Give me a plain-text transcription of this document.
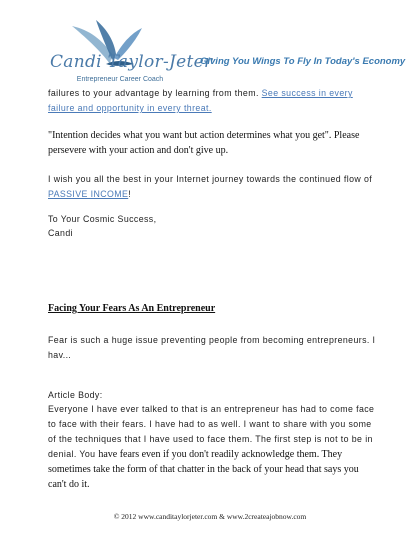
Candi Taylor-Jeter
Entrepreneur Career Coach
Giving You Wings To Fly In Today's Economy
failures to your advantage by learning from them. See success in every failure and opportunity in every threat.
"Intention decides what you want but action determines what you get". Please persevere with your action and don't give up.
I wish you all the best in your Internet journey towards the continued flow of PASSIVE INCOME!
To Your Cosmic Success,
Candi
Facing Your Fears As An Entrepreneur
Fear is such a huge issue preventing people from becoming entrepreneurs. I hav...
Article Body:
Everyone I have ever talked to that is an entrepreneur has had to come face to face with their fears. I have had to as well. I want to share with you some of the techniques that I have used to face them. The first step is not to be in denial. You have fears even if you don't readily acknowledge them. They sometimes take the form of that chatter in the back of your head that says you can't do it.
© 2012 www.canditaylorjeter.com & www.2createajobnow.com
